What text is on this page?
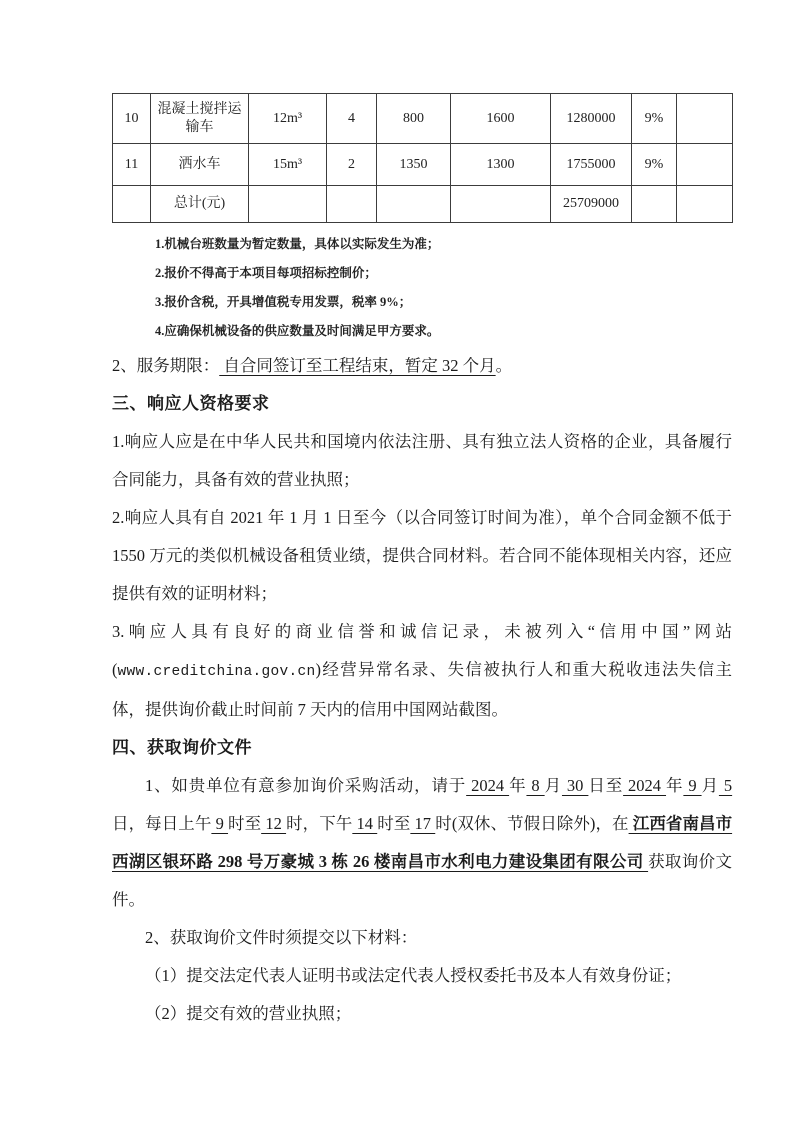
10	混凝土搅拌运输车	12m³	4	800	1600	1280000	9%	
11	洒水车	15m³	2	1350	1300	1755000	9%	
	总计(元)					25709000		
1.机械台班数量为暂定数量，具体以实际发生为准；
2.报价不得高于本项目每项招标控制价；
3.报价含税，开具增值税专用发票，税率 9%；
4.应确保机械设备的供应数量及时间满足甲方要求。

2、服务期限： 自合同签订至工程结束，暂定 32 个月。

三、响应人资格要求

1.响应人应是在中华人民共和国境内依法注册、具有独立法人资格的企业，具备履行合同能力，具备有效的营业执照；

2.响应人具有自 2021 年 1 月 1 日至今（以合同签订时间为准），单个合同金额不低于 1550 万元的类似机械设备租赁业绩，提供合同材料。若合同不能体现相关内容，还应提供有效的证明材料；

3.响应人具有良好的商业信誉和诚信记录，未被列入“信用中国”网站(www.creditchina.gov.cn)经营异常名录、失信被执行人和重大税收违法失信主体，提供询价截止时间前 7 天内的信用中国网站截图。

四、获取询价文件

1、如贵单位有意参加询价采购活动，请于 2024 年 8 月 30 日至 2024 年 9 月 5 日，每日上午 9 时至 12 时，下午 14 时至 17 时(双休、节假日除外)，在 江西省南昌市西湖区银环路 298 号万豪城 3 栋 26 楼南昌市水利电力建设集团有限公司 获取询价文件。

2、获取询价文件时须提交以下材料：

（1）提交法定代表人证明书或法定代表人授权委托书及本人有效身份证；

（2）提交有效的营业执照；
